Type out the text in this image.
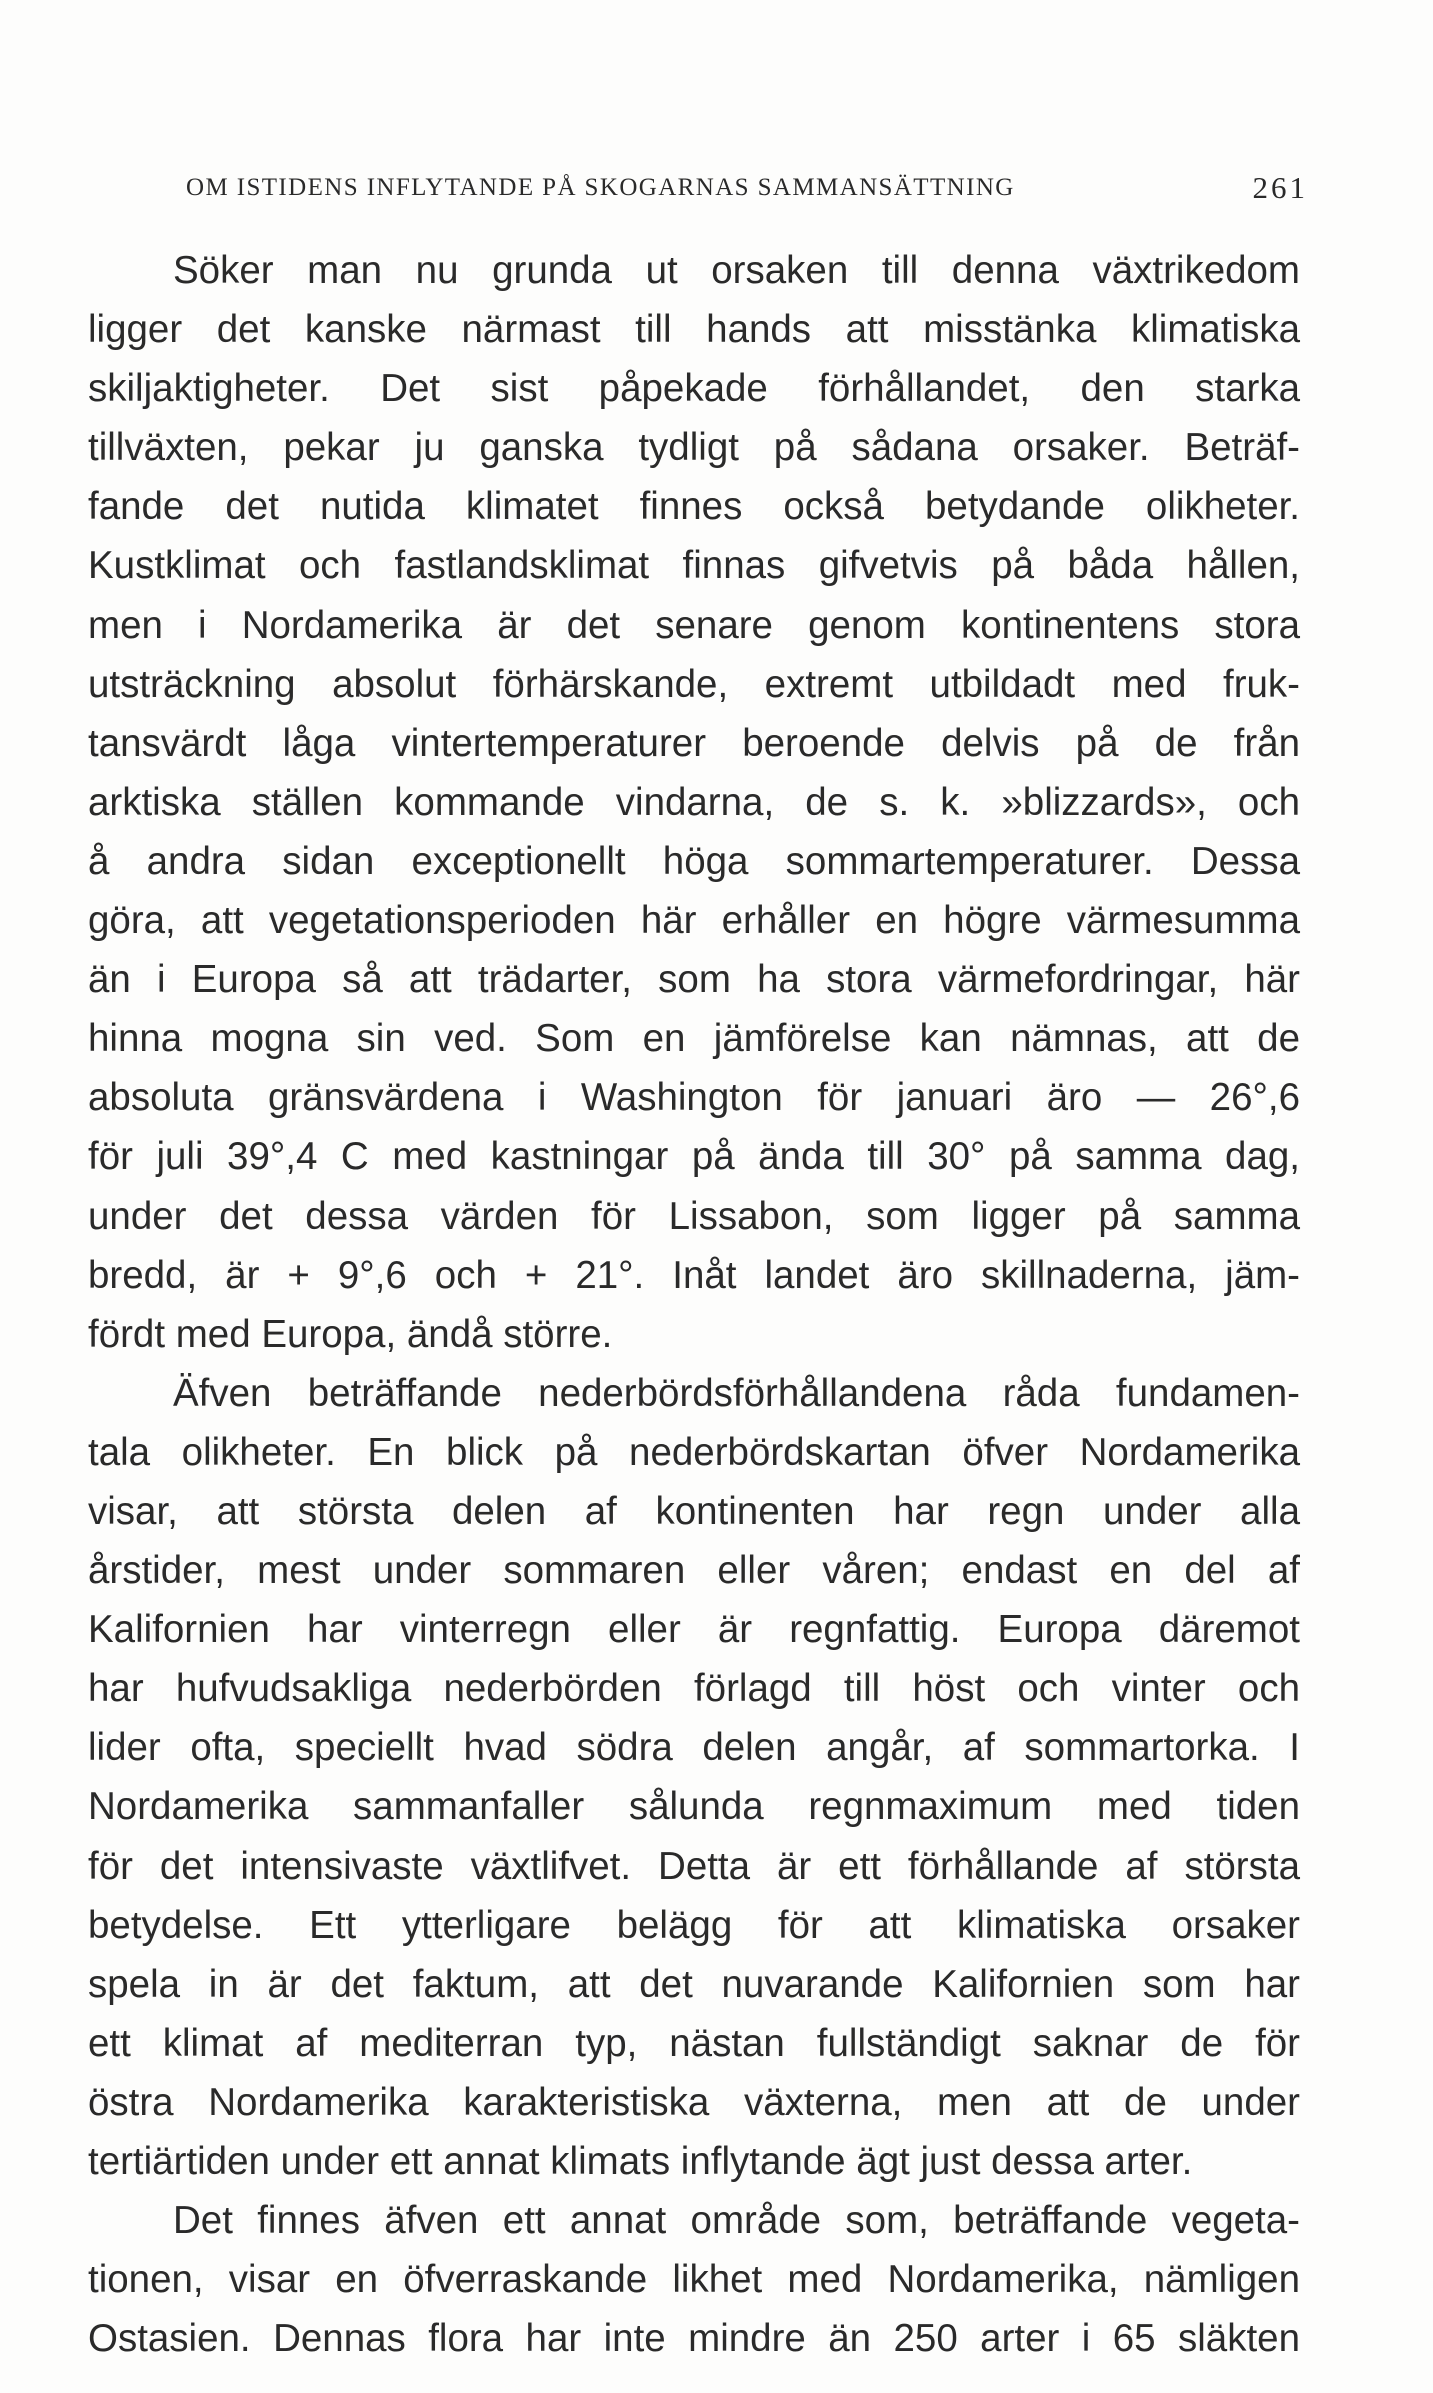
OM ISTIDENS INFLYTANDE PÅ SKOGARNAS SAMMANSÄTTNING	261
Söker man nu grunda ut orsaken till denna växtrikedom
ligger det kanske närmast till hands att misstänka klimatiska
skiljaktigheter. Det sist påpekade förhållandet, den starka
tillväxten, pekar ju ganska tydligt på sådana orsaker. Beträf-
fande det nutida klimatet finnes också betydande olikheter.
Kustklimat och fastlandsklimat finnas gifvetvis på båda hållen,
men i Nordamerika är det senare genom kontinentens stora
utsträckning absolut förhärskande, extremt utbildadt med fruk-
tansvärdt låga vintertemperaturer beroende delvis på de från
arktiska ställen kommande vindarna, de s. k. »blizzards», och
å andra sidan exceptionellt höga sommartemperaturer. Dessa
göra, att vegetationsperioden här erhåller en högre värmesumma
än i Europa så att trädarter, som ha stora värmefordringar, här
hinna mogna sin ved. Som en jämförelse kan nämnas, att de
absoluta gränsvärdena i Washington för januari äro — 26°,6
för juli 39°,4 C med kastningar på ända till 30° på samma dag,
under det dessa värden för Lissabon, som ligger på samma
bredd, är + 9°,6 och + 21°. Inåt landet äro skillnaderna, jäm-
fördt med Europa, ändå större.
Äfven beträffande nederbördsförhållandena råda fundamen-
tala olikheter. En blick på nederbördskartan öfver Nordamerika
visar, att största delen af kontinenten har regn under alla
årstider, mest under sommaren eller våren; endast en del af
Kalifornien har vinterregn eller är regnfattig. Europa däremot
har hufvudsakliga nederbörden förlagd till höst och vinter och
lider ofta, speciellt hvad södra delen angår, af sommartorka. I
Nordamerika sammanfaller sålunda regnmaximum med tiden
för det intensivaste växtlifvet. Detta är ett förhållande af största
betydelse. Ett ytterligare belägg för att klimatiska orsaker
spela in är det faktum, att det nuvarande Kalifornien som har
ett klimat af mediterran typ, nästan fullständigt saknar de för
östra Nordamerika karakteristiska växterna, men att de under
tertiärtiden under ett annat klimats inflytande ägt just dessa arter.
Det finnes äfven ett annat område som, beträffande vegeta-
tionen, visar en öfverraskande likhet med Nordamerika, nämligen
Ostasien. Dennas flora har inte mindre än 250 arter i 65 släkten
